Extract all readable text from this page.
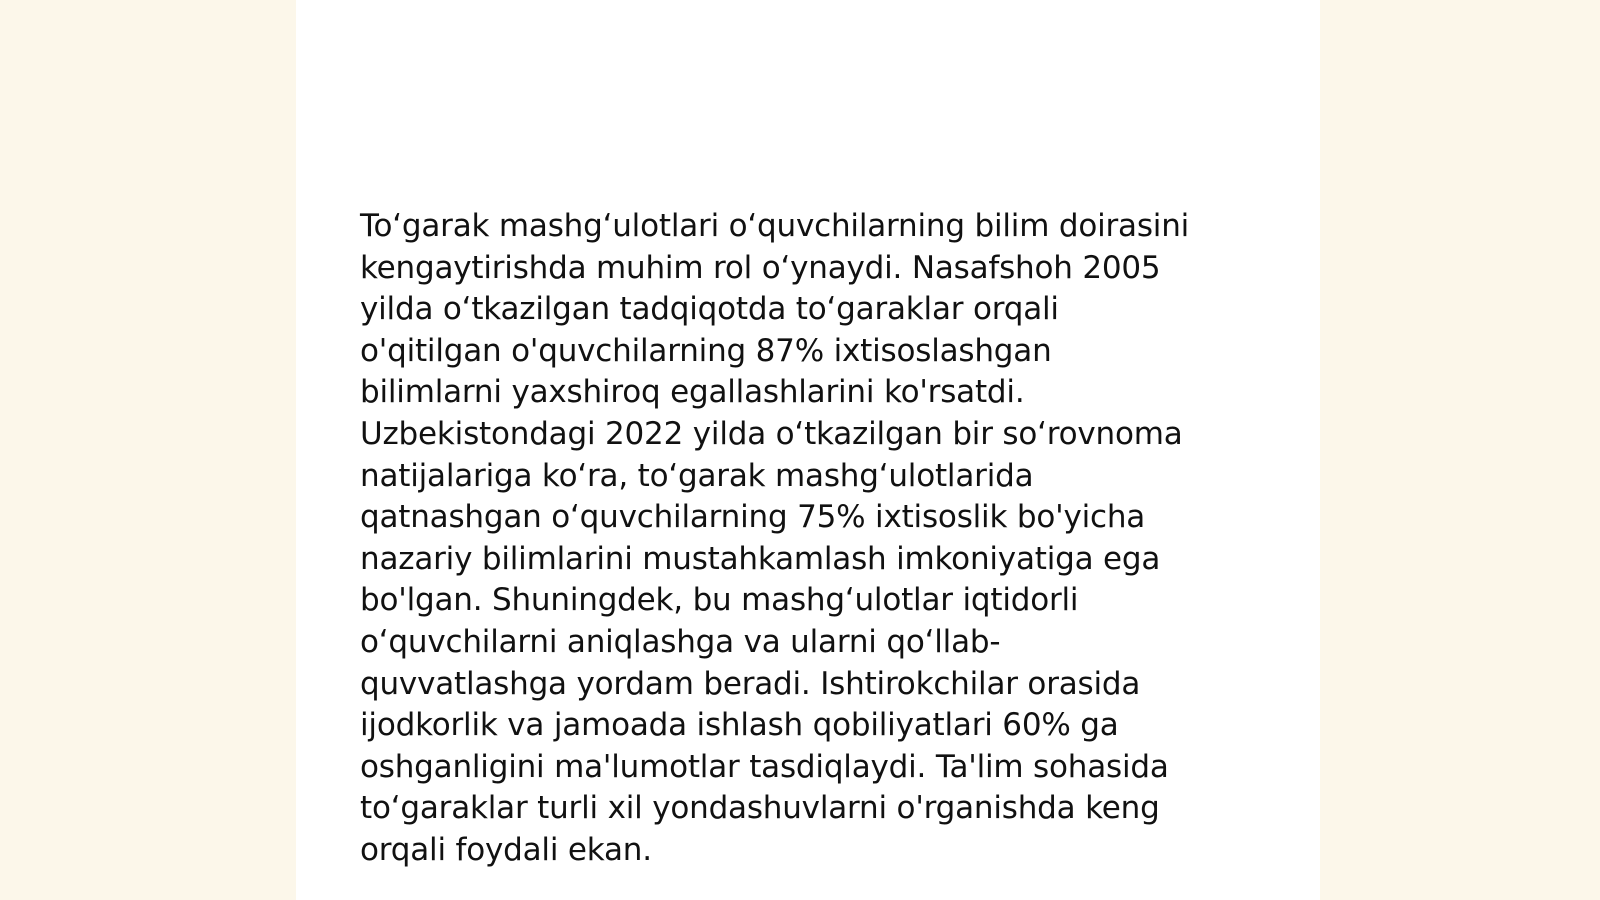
To‘garak mashg‘ulotlari o‘quvchilarning bilim doirasini
kengaytirishda muhim rol o‘ynaydi. Nasafshoh 2005
yilda o‘tkazilgan tadqiqotda to‘garaklar orqali
o'qitilgan o'quvchilarning 87% ixtisoslashgan
bilimlarni yaxshiroq egallashlarini ko'rsatdi.
Uzbekistondagi 2022 yilda o‘tkazilgan bir so‘rovnoma
natijalariga ko‘ra, to‘garak mashg‘ulotlarida
qatnashgan o‘quvchilarning 75% ixtisoslik bo'yicha
nazariy bilimlarini mustahkamlash imkoniyatiga ega
bo'lgan. Shuningdek, bu mashg‘ulotlar iqtidorli
o‘quvchilarni aniqlashga va ularni qo‘llab-
quvvatlashga yordam beradi. Ishtirokchilar orasida
ijodkorlik va jamoada ishlash qobiliyatlari 60% ga
oshganligini ma'lumotlar tasdiqlaydi. Ta'lim sohasida
to‘garaklar turli xil yondashuvlarni o'rganishda keng
orqali foydali ekan.
